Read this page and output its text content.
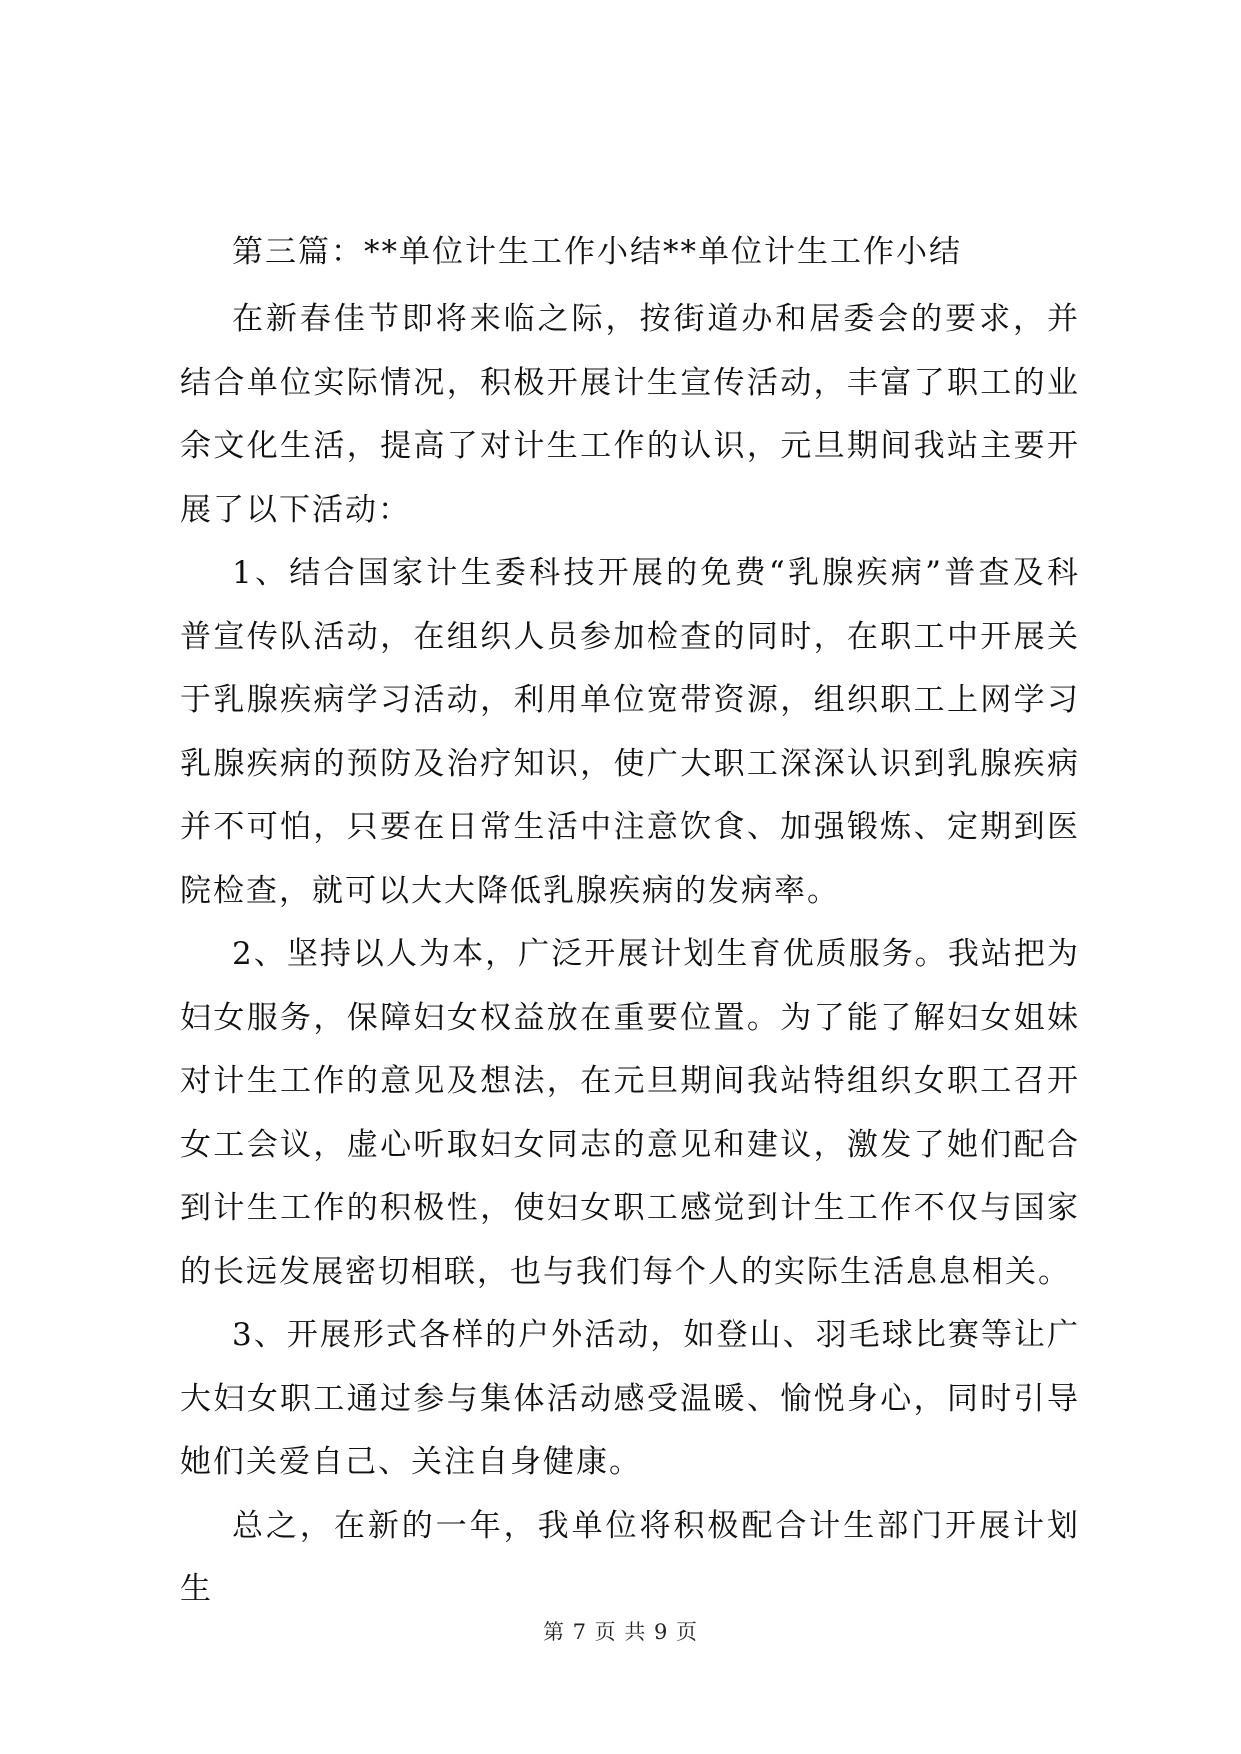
第三篇：**单位计生工作小结**单位计生工作小结

在新春佳节即将来临之际，按街道办和居委会的要求，并结合单位实际情况，积极开展计生宣传活动，丰富了职工的业余文化生活，提高了对计生工作的认识，元旦期间我站主要开展了以下活动：

1、结合国家计生委科技开展的免费“乳腺疾病”普查及科普宣传队活动，在组织人员参加检查的同时，在职工中开展关于乳腺疾病学习活动，利用单位宽带资源，组织职工上网学习乳腺疾病的预防及治疗知识，使广大职工深深认识到乳腺疾病并不可怕，只要在日常生活中注意饮食、加强锻炼、定期到医院检查，就可以大大降低乳腺疾病的发病率。

2、坚持以人为本，广泛开展计划生育优质服务。我站把为妇女服务，保障妇女权益放在重要位置。为了能了解妇女姐妹对计生工作的意见及想法，在元旦期间我站特组织女职工召开女工会议，虚心听取妇女同志的意见和建议，激发了她们配合到计生工作的积极性，使妇女职工感觉到计生工作不仅与国家的长远发展密切相联，也与我们每个人的实际生活息息相关。

3、开展形式各样的户外活动，如登山、羽毛球比赛等让广大妇女职工通过参与集体活动感受温暖、愉悦身心，同时引导她们关爱自己、关注自身健康。

总之，在新的一年，我单位将积极配合计生部门开展计划生

第 7 页 共 9 页
